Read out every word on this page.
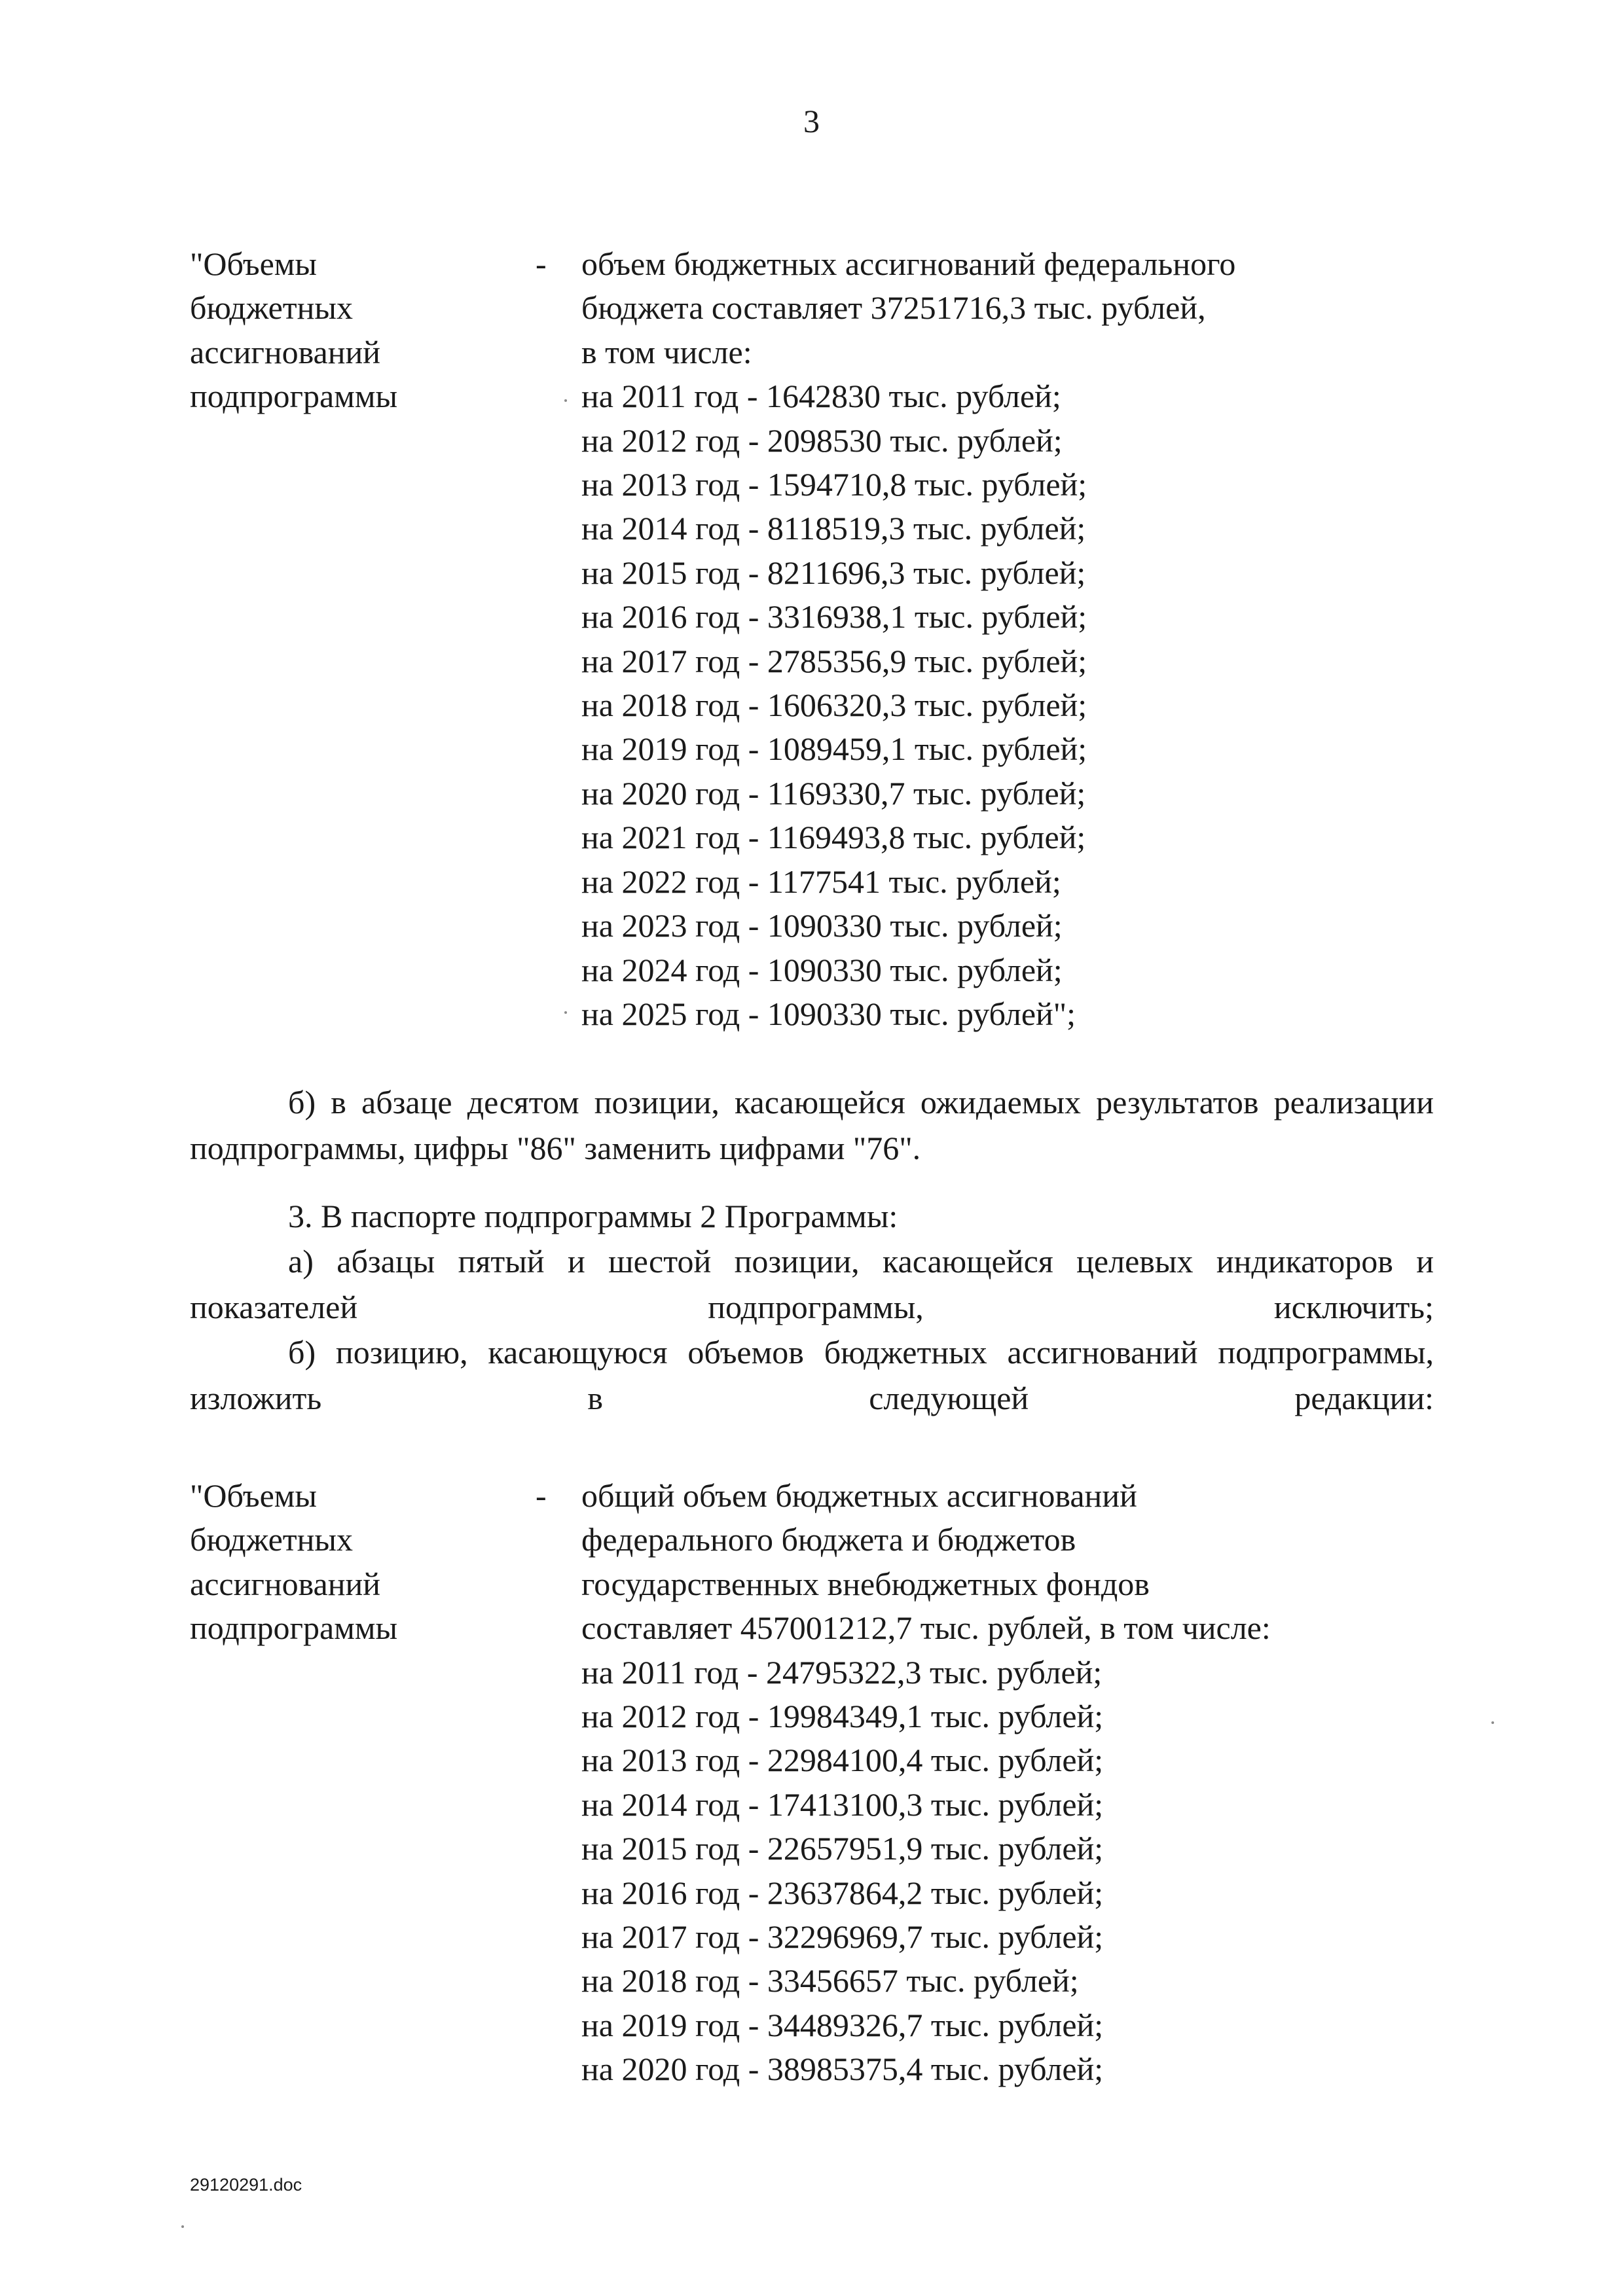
3
"Объемы
бюджетных
ассигнований
подпрограммы
- объем бюджетных ассигнований федерального
бюджета составляет 37251716,3 тыс. рублей,
в том числе:
на 2011 год - 1642830 тыс. рублей;
на 2012 год - 2098530 тыс. рублей;
на 2013 год - 1594710,8 тыс. рублей;
на 2014 год - 8118519,3 тыс. рублей;
на 2015 год - 8211696,3 тыс. рублей;
на 2016 год - 3316938,1 тыс. рублей;
на 2017 год - 2785356,9 тыс. рублей;
на 2018 год - 1606320,3 тыс. рублей;
на 2019 год - 1089459,1 тыс. рублей;
на 2020 год - 1169330,7 тыс. рублей;
на 2021 год - 1169493,8 тыс. рублей;
на 2022 год - 1177541 тыс. рублей;
на 2023 год - 1090330 тыс. рублей;
на 2024 год - 1090330 тыс. рублей;
на 2025 год - 1090330 тыс. рублей";

б) в абзаце десятом позиции, касающейся ожидаемых результатов реализации подпрограммы, цифры "86" заменить цифрами "76".

3. В паспорте подпрограммы 2 Программы:

а) абзацы пятый и шестой позиции, касающейся целевых индикаторов и показателей подпрограммы, исключить;

б) позицию, касающуюся объемов бюджетных ассигнований подпрограммы, изложить в следующей редакции:

"Объемы
бюджетных
ассигнований
подпрограммы
- общий объем бюджетных ассигнований
федерального бюджета и бюджетов
государственных внебюджетных фондов
составляет 457001212,7 тыс. рублей, в том числе:
на 2011 год - 24795322,3 тыс. рублей;
на 2012 год - 19984349,1 тыс. рублей;
на 2013 год - 22984100,4 тыс. рублей;
на 2014 год - 17413100,3 тыс. рублей;
на 2015 год - 22657951,9 тыс. рублей;
на 2016 год - 23637864,2 тыс. рублей;
на 2017 год - 32296969,7 тыс. рублей;
на 2018 год - 33456657 тыс. рублей;
на 2019 год - 34489326,7 тыс. рублей;
на 2020 год - 38985375,4 тыс. рублей;
29120291.doc
